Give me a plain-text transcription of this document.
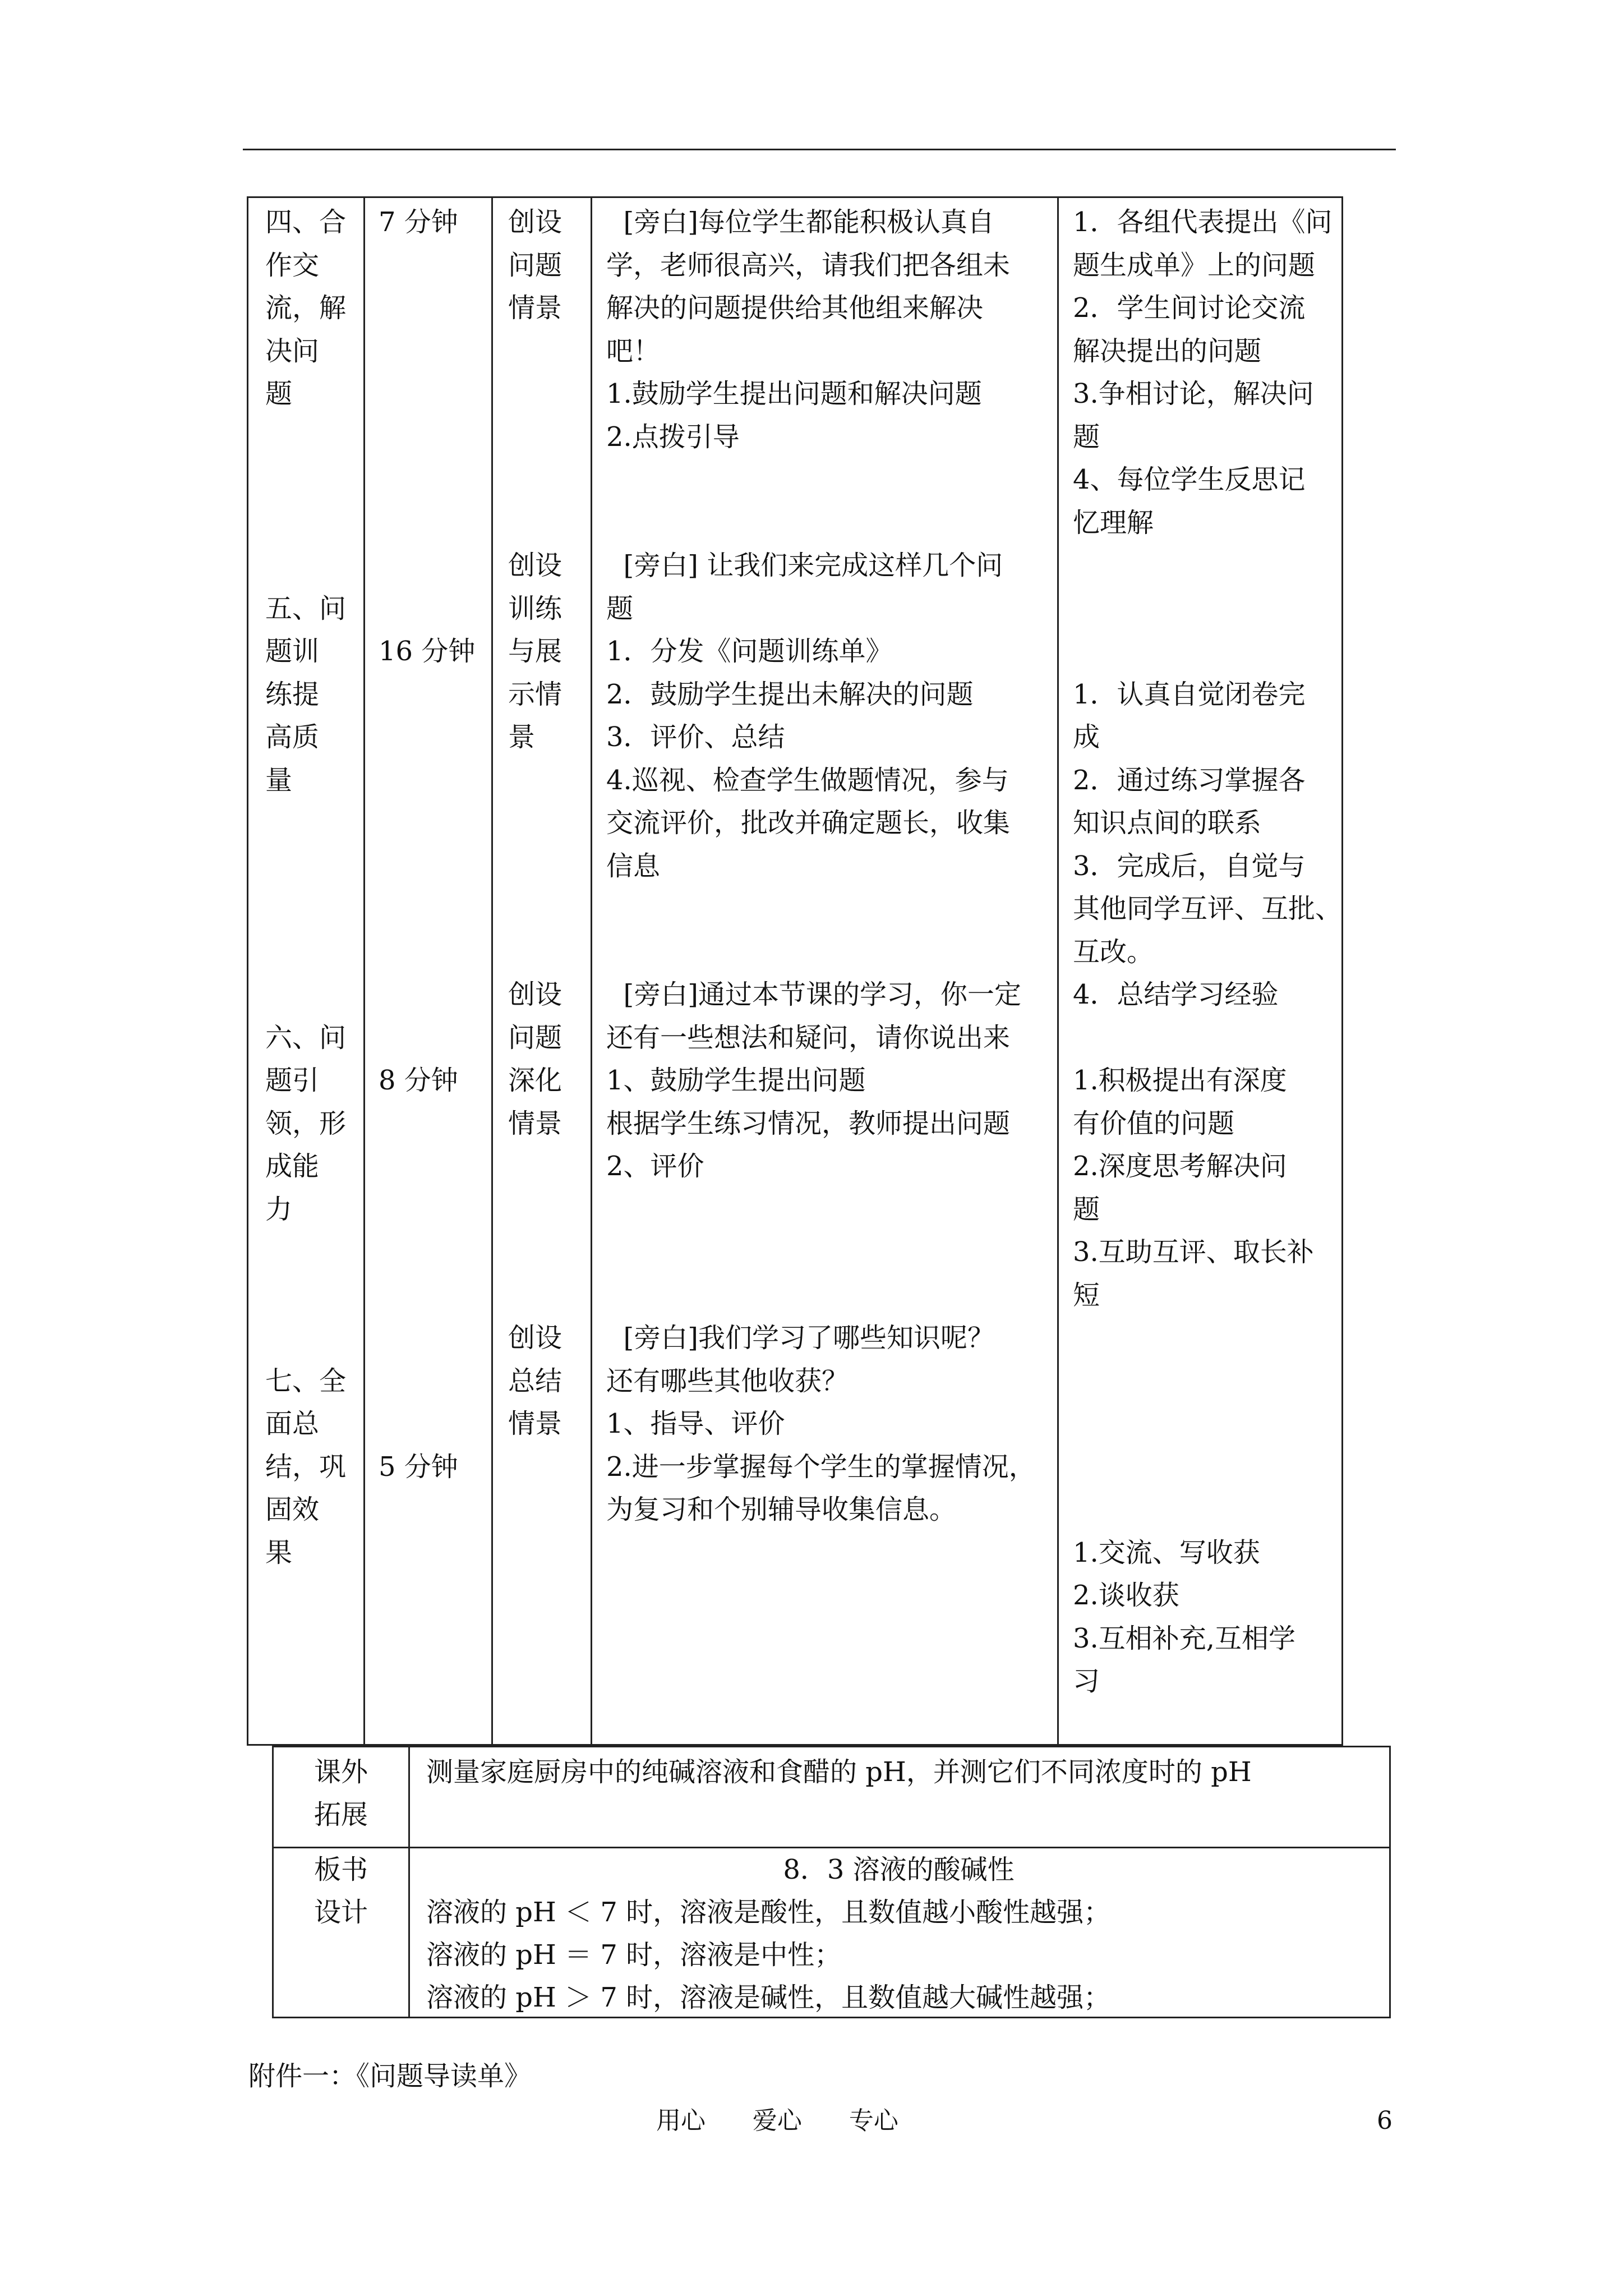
四、合
作交
流，解
决问
题

五、问
题训
练提
高质
量

六、问
题引
领，形
成能
力

七、全
面总
结，巩
固效
果
7 分钟

16 分钟

8 分钟

5 分钟
创设
问题
情景

创设
训练
与展
示情
景

创设
问题
深化
情景

创设
总结
情景
[旁白]每位学生都能积极认真自
学，老师很高兴，请我们把各组未
解决的问题提供给其他组来解决
吧！
1.鼓励学生提出问题和解决问题
2.点拨引导

[旁白] 让我们来完成这样几个问
题
1．分发《问题训练单》
2．鼓励学生提出未解决的问题
3．评价、总结
4.巡视、检查学生做题情况，参与
交流评价，批改并确定题长，收集
信息

[旁白]通过本节课的学习，你一定
还有一些想法和疑问，请你说出来
1、鼓励学生提出问题
根据学生练习情况，教师提出问题
2、评价

[旁白]我们学习了哪些知识呢？
还有哪些其他收获？
1、指导、评价
2.进一步掌握每个学生的掌握情况，
为复习和个别辅导收集信息。
1．各组代表提出《问
题生成单》上的问题
2．学生间讨论交流
解决提出的问题
3.争相讨论，解决问
题
4、每位学生反思记
忆理解

1．认真自觉闭卷完
成
2．通过练习掌握各
知识点间的联系
3．完成后，自觉与
其他同学互评、互批、
互改。
4．总结学习经验

1.积极提出有深度
有价值的问题
2.深度思考解决问
题
3.互助互评、取长补
短

1.交流、写收获
2.谈收获
3.互相补充,互相学
习
课外
拓展
测量家庭厨房中的纯碱溶液和食醋的 pH，并测它们不同浓度时的 pH
板书
设计
8．3 溶液的酸碱性
溶液的 pH ＜ 7 时，溶液是酸性，且数值越小酸性越强；
溶液的 pH ＝ 7 时，溶液是中性；
溶液的 pH ＞ 7 时，溶液是碱性，且数值越大碱性越强；
附件一：《问题导读单》
用心      爱心      专心	6
